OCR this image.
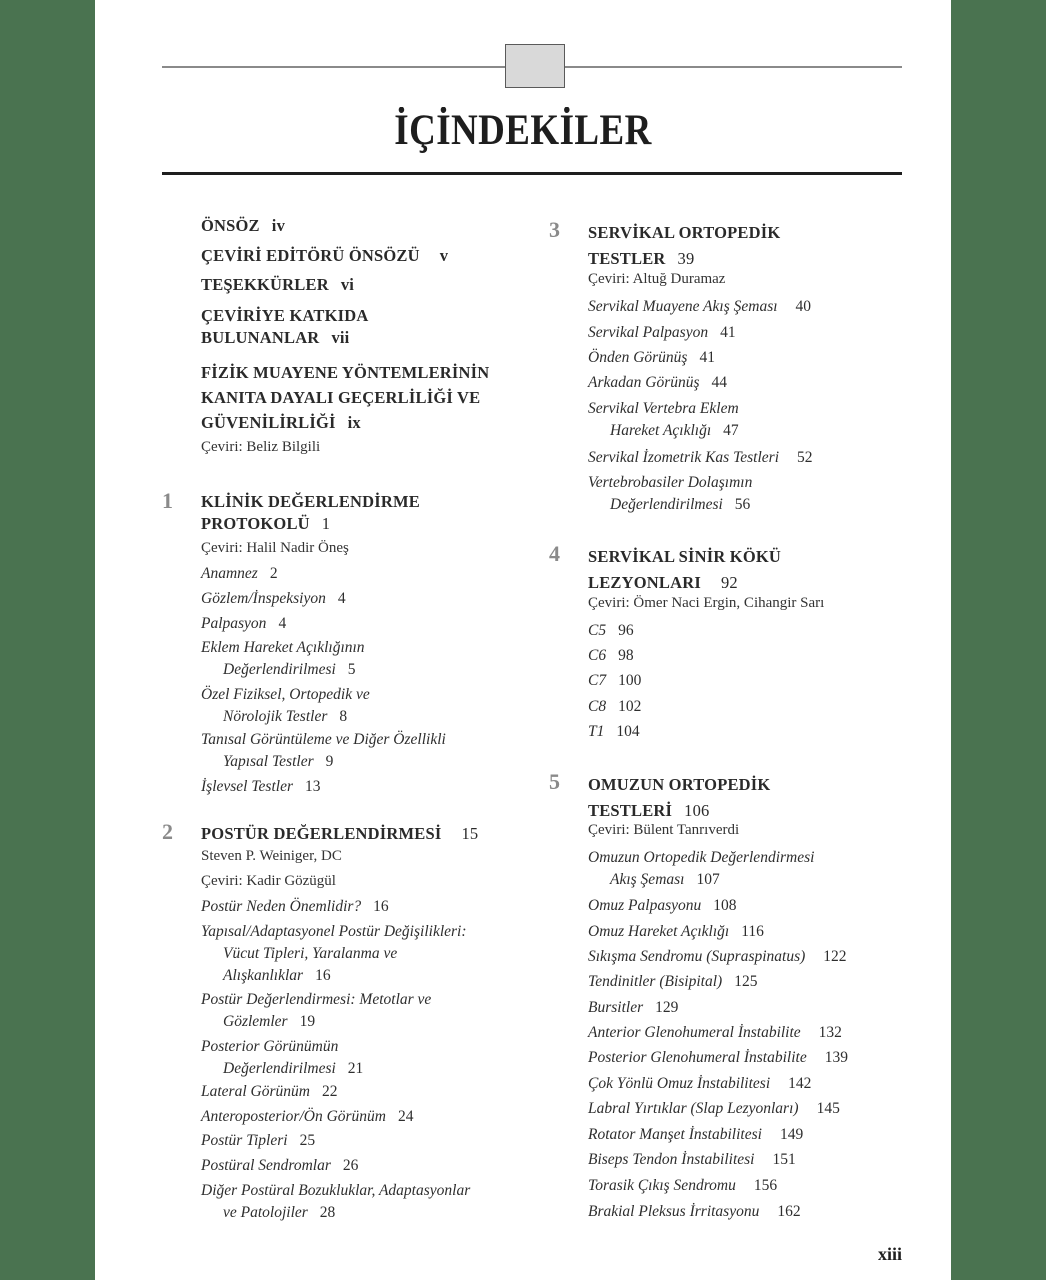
İÇİNDEKİLER
ÖNSÖZ iv
ÇEVİRİ EDİTÖRÜ ÖNSÖZÜ v
TEŞEKKÜRLER vi
ÇEVİRİYE KATKIDA
BULUNANLAR vii
FİZİK MUAYENE YÖNTEMLERİNİN
KANITA DAYALI GEÇERLİLİĞİ VE
GÜVENİLİRLİĞİ ix
Çeviri: Beliz Bilgili
1 KLİNİK DEĞERLENDİRME
PROTOKOLÜ 1
Çeviri: Halil Nadir Öneş
Anamnez 2
Gözlem/İnspeksiyon 4
Palpasyon 4
Eklem Hareket Açıklığının
Değerlendirilmesi 5
Özel Fiziksel, Ortopedik ve
Nörolojik Testler 8
Tanısal Görüntüleme ve Diğer Özellikli
Yapısal Testler 9
İşlevsel Testler 13
2 POSTÜR DEĞERLENDİRMESİ 15
Steven P. Weiniger, DC
Çeviri: Kadir Gözügül
Postür Neden Önemlidir? 16
Yapısal/Adaptasyonel Postür Değişilikleri:
Vücut Tipleri, Yaralanma ve
Alışkanlıklar 16
Postür Değerlendirmesi: Metotlar ve
Gözlemler 19
Posterior Görünümün
Değerlendirilmesi 21
Lateral Görünüm 22
Anteroposterior/Ön Görünüm 24
Postür Tipleri 25
Postüral Sendromlar 26
Diğer Postüral Bozukluklar, Adaptasyonlar
ve Patolojiler 28
3 SERVİKAL ORTOPEDİK
TESTLER 39
Çeviri: Altuğ Duramaz
Servikal Muayene Akış Şeması 40
Servikal Palpasyon 41
Önden Görünüş 41
Arkadan Görünüş 44
Servikal Vertebra Eklem
Hareket Açıklığı 47
Servikal İzometrik Kas Testleri 52
Vertebrobasiler Dolaşımın
Değerlendirilmesi 56
4 SERVİKAL SİNİR KÖKÜ
LEZYONLARI 92
Çeviri: Ömer Naci Ergin, Cihangir Sarı
C5 96
C6 98
C7 100
C8 102
T1 104
5 OMUZUN ORTOPEDİK
TESTLERİ 106
Çeviri: Bülent Tanrıverdi
Omuzun Ortopedik Değerlendirmesi
Akış Şeması 107
Omuz Palpasyonu 108
Omuz Hareket Açıklığı 116
Sıkışma Sendromu (Supraspinatus) 122
Tendinitler (Bisipital) 125
Bursitler 129
Anterior Glenohumeral İnstabilite 132
Posterior Glenohumeral İnstabilite 139
Çok Yönlü Omuz İnstabilitesi 142
Labral Yırtıklar (Slap Lezyonları) 145
Rotator Manşet İnstabilitesi 149
Biseps Tendon İnstabilitesi 151
Torasik Çıkış Sendromu 156
Brakial Pleksus İrritasyonu 162
xiii
